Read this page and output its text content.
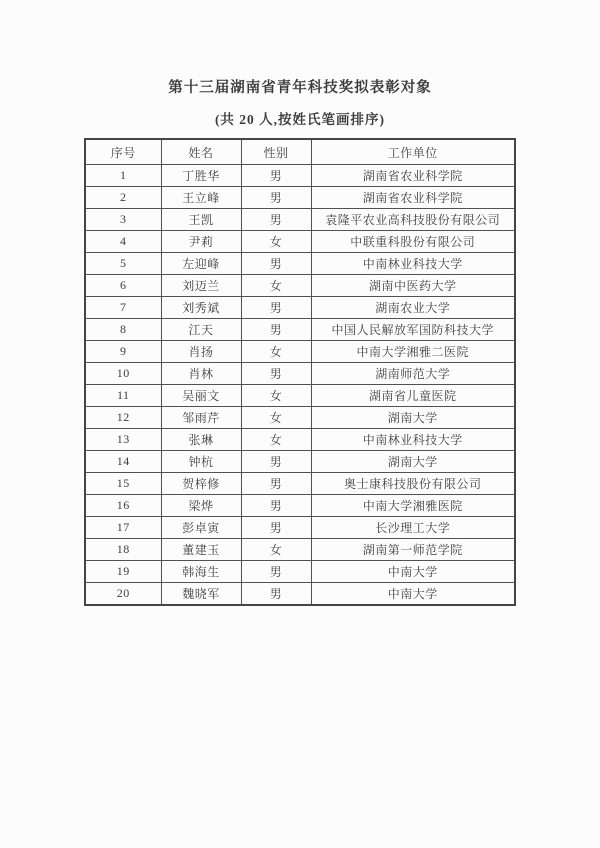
第十三届湖南省青年科技奖拟表彰对象
(共 20 人,按姓氏笔画排序)
序号	姓名	性别	工作单位
1	丁胜华	男	湖南省农业科学院
2	王立峰	男	湖南省农业科学院
3	王凯	男	袁隆平农业高科技股份有限公司
4	尹莉	女	中联重科股份有限公司
5	左迎峰	男	中南林业科技大学
6	刘迈兰	女	湖南中医药大学
7	刘秀斌	男	湖南农业大学
8	江天	男	中国人民解放军国防科技大学
9	肖扬	女	中南大学湘雅二医院
10	肖林	男	湖南师范大学
11	吴丽文	女	湖南省儿童医院
12	邹雨芹	女	湖南大学
13	张琳	女	中南林业科技大学
14	钟杭	男	湖南大学
15	贺梓修	男	奥士康科技股份有限公司
16	梁烨	男	中南大学湘雅医院
17	彭卓寅	男	长沙理工大学
18	董建玉	女	湖南第一师范学院
19	韩海生	男	中南大学
20	魏晓军	男	中南大学
